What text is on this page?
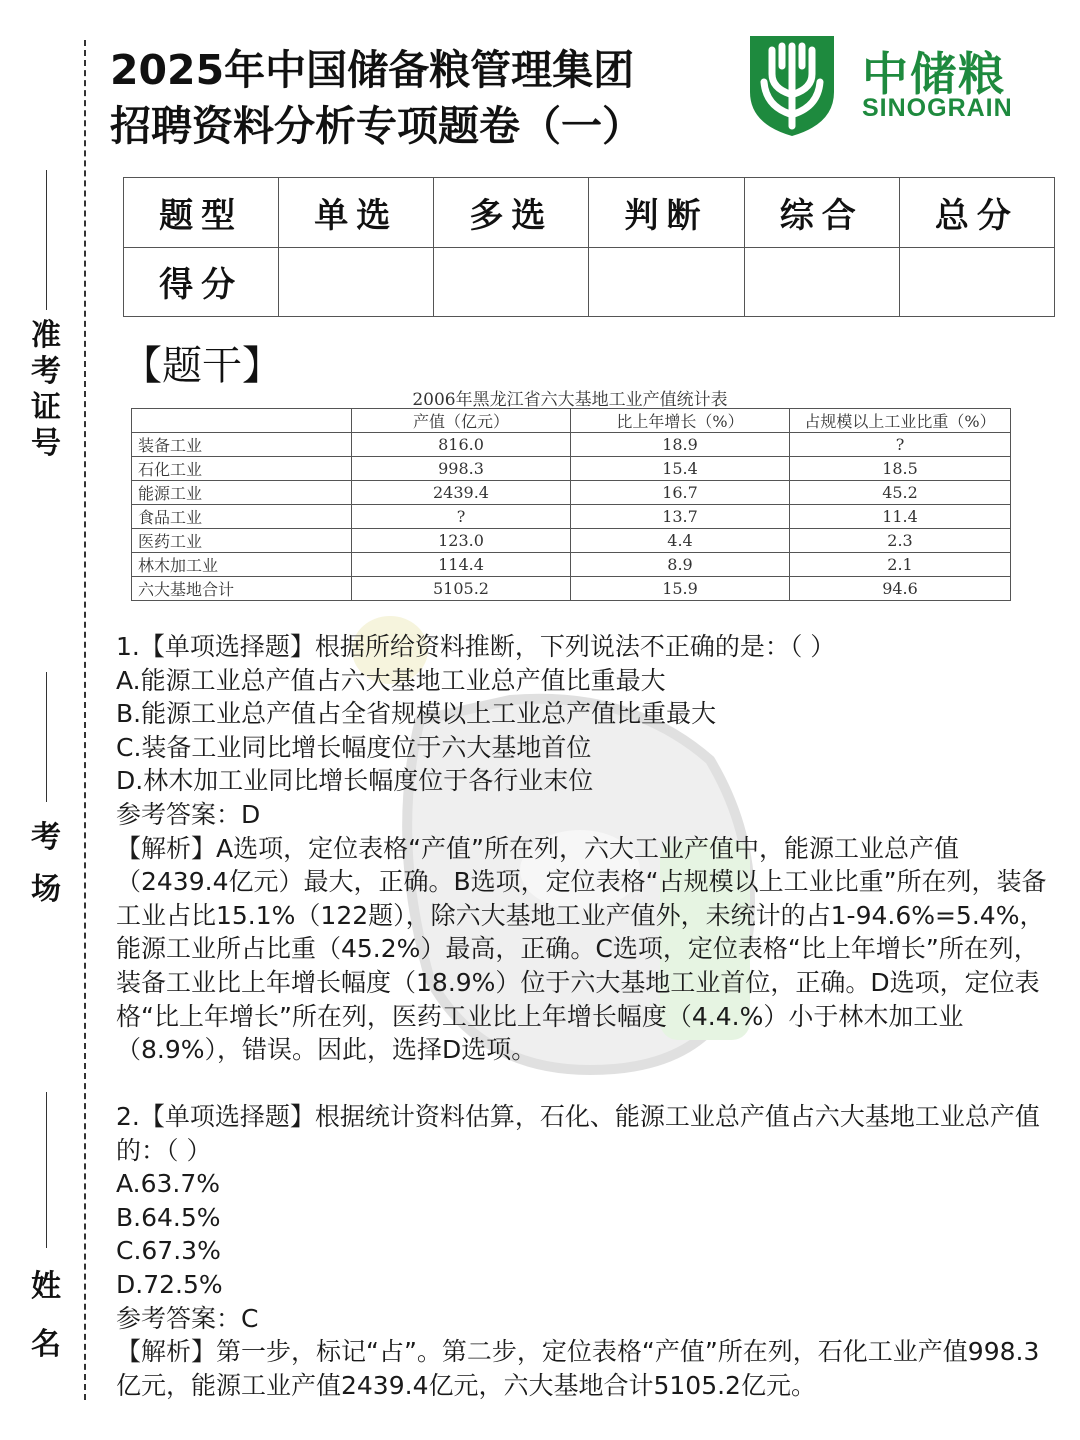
准考证号
考场
姓名
2025年中国储备粮管理集团
招聘资料分析专项题卷（一）
中储粮
SINOGRAIN
题型	单选	多选	判断	综合	总分
得分					
【题干】
2006年黑龙江省六大基地工业产值统计表
	产值（亿元）	比上年增长（%）	占规模以上工业比重（%）
装备工业	816.0	18.9	?
石化工业	998.3	15.4	18.5
能源工业	2439.4	16.7	45.2
食品工业	?	13.7	11.4
医药工业	123.0	4.4	2.3
林木加工业	114.4	8.9	2.1
六大基地合计	5105.2	15.9	94.6

1.【单项选择题】根据所给资料推断，下列说法不正确的是：（ ）

A.能源工业总产值占六大基地工业总产值比重最大

B.能源工业总产值占全省规模以上工业总产值比重最大

C.装备工业同比增长幅度位于六大基地首位

D.林木加工业同比增长幅度位于各行业末位

参考答案：D

【解析】A选项，定位表格“产值”所在列，六大工业产值中，能源工业总产值（2439.4亿元）最大，正确。B选项，定位表格“占规模以上工业比重”所在列，装备工业占比15.1%（122题），除六大基地工业产值外，未统计的占1-94.6%=5.4%，能源工业所占比重（45.2%）最高，正确。C选项，定位表格“比上年增长”所在列，装备工业比上年增长幅度（18.9%）位于六大基地工业首位，正确。D选项，定位表格“比上年增长”所在列，医药工业比上年增长幅度（4.4.%）小于林木加工业（8.9%），错误。因此，选择D选项。

2.【单项选择题】根据统计资料估算，石化、能源工业总产值占六大基地工业总产值的：（ ）

A.63.7%

B.64.5%

C.67.3%

D.72.5%

参考答案：C

【解析】第一步，标记“占”。第二步，定位表格“产值”所在列，石化工业产值998.3亿元，能源工业产值2439.4亿元，六大基地合计5105.2亿元。
